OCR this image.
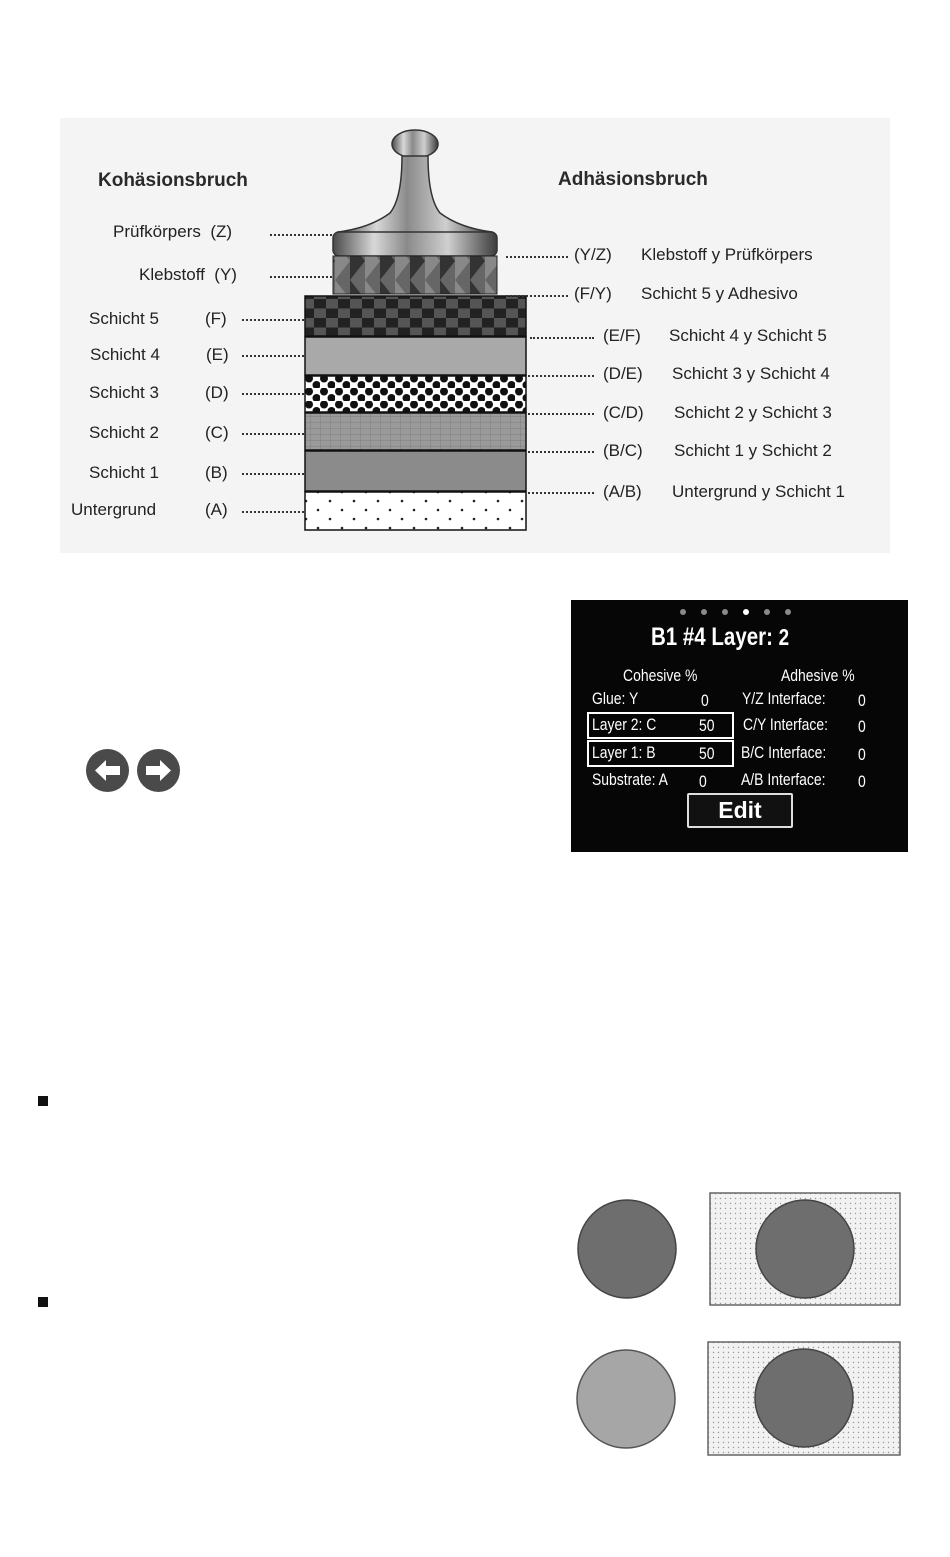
Kohäsionsbruch	Adhäsionsbruch
Prüfkörpers (Z)
Klebstoff (Y)
Schicht 5	(F)
Schicht 4	(E)
Schicht 3	(D)
Schicht 2	(C)
Schicht 1	(B)
Untergrund	(A)
(Y/Z) Klebstoff y Prüfkörpers
(F/Y) Schicht 5 y Adhesivo
(E/F) Schicht 4 y Schicht 5
(D/E) Schicht 3 y Schicht 4
(C/D) Schicht 2 y Schicht 3
(B/C) Schicht 1 y Schicht 2
(A/B) Untergrund y Schicht 1
B1 #4 Layer: 2
Cohesive %	Adhesive %
Glue: Y	0 Y/Z Interface: 0
Layer 2: C	50 C/Y Interface: 0
Layer 1: B	50 B/C Interface: 0
Substrate: A 0 A/B Interface: 0
Edit
